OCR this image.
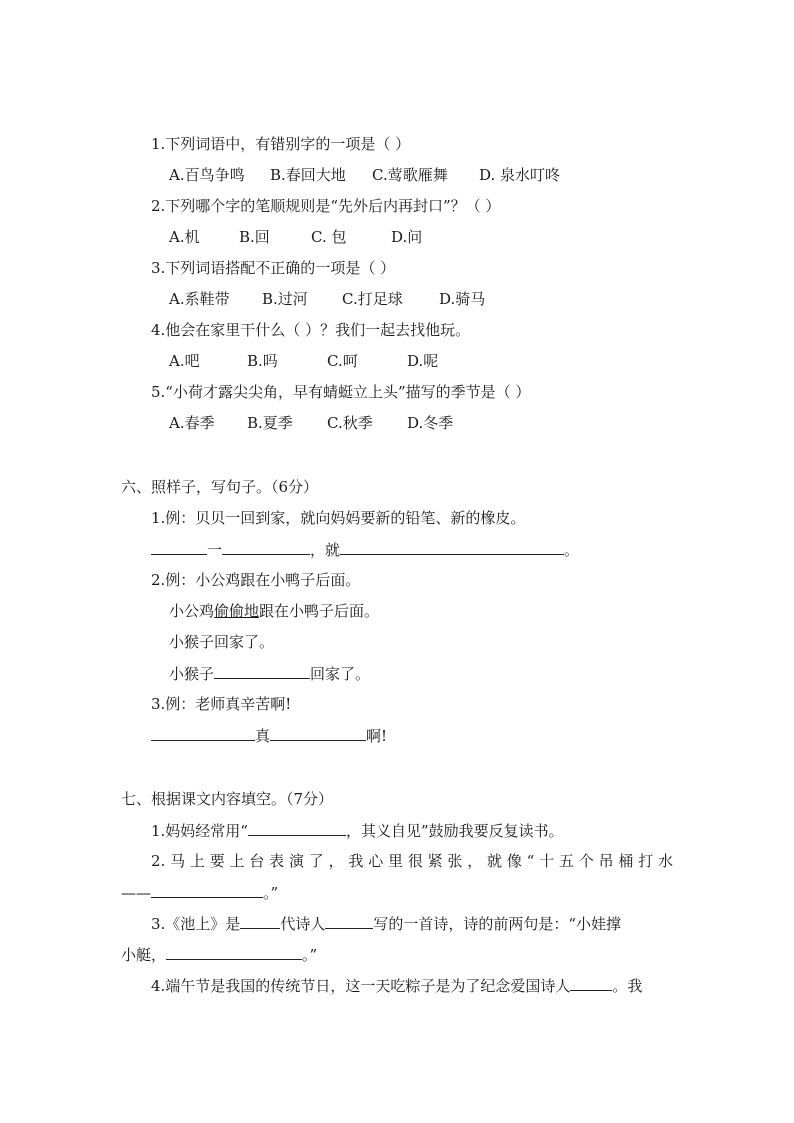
1.下列词语中，有错别字的一项是（ ）
A.百鸟争鸣 B.春回大地 C.莺歌雁舞 D. 泉水叮咚
2.下列哪个字的笔顺规则是“先外后内再封口”？（ ）
A.机	B.回	C. 包	D.问
3.下列词语搭配不正确的一项是（ ）
A.系鞋带 B.过河 C.打足球 D.骑马
4.他会在家里干什么（ ）？我们一起去找他玩。
A.吧	B.吗	C.呵	D.呢
5.“小荷才露尖尖角，早有蜻蜓立上头”描写的季节是（ ）
A.春季 B.夏季 C.秋季 D.冬季
六、照样子，写句子。（6分）
1.例：贝贝一回到家，就向妈妈要新的铅笔、新的橡皮。
一	，就	。
2.例：小公鸡跟在小鸭子后面。
小公鸡偷偷地跟在小鸭子后面。
小猴子回家了。
小猴子	回家了。
3.例：老师真辛苦啊!
真	啊!
七、根据课文内容填空。（7分）
1.妈妈经常用“	，其义自见”鼓励我要反复读书。
2.马上要上台表演了，我心里很紧张，就像“十五个吊桶打水
——	。”
3.《池上》是	代诗人	写的一首诗，诗的前两句是：“小娃撑
小艇，	。”
4.端午节是我国的传统节日，这一天吃粽子是为了纪念爱国诗人	。我
